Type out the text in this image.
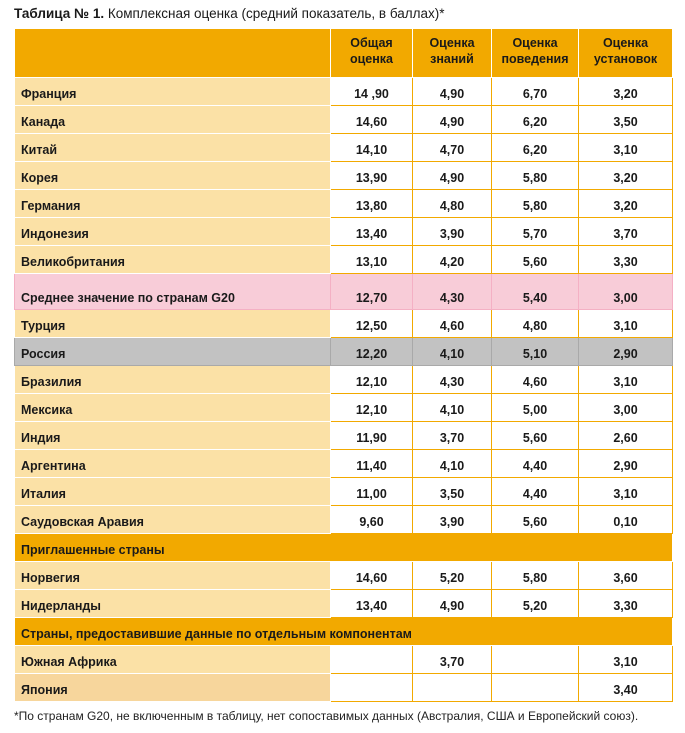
Таблица № 1. Комплексная оценка (средний показатель, в баллах)*
	Общая оценка	Оценка знаний	Оценка поведения	Оценка установок
Франция	14 ,90	4,90	6,70	3,20
Канада	14,60	4,90	6,20	3,50
Китай	14,10	4,70	6,20	3,10
Корея	13,90	4,90	5,80	3,20
Германия	13,80	4,80	5,80	3,20
Индонезия	13,40	3,90	5,70	3,70
Великобритания	13,10	4,20	5,60	3,30
Среднее значение по странам G20	12,70	4,30	5,40	3,00
Турция	12,50	4,60	4,80	3,10
Россия	12,20	4,10	5,10	2,90
Бразилия	12,10	4,30	4,60	3,10
Мексика	12,10	4,10	5,00	3,00
Индия	11,90	3,70	5,60	2,60
Аргентина	11,40	4,10	4,40	2,90
Италия	11,00	3,50	4,40	3,10
Саудовская Аравия	9,60	3,90	5,60	0,10
Приглашенные страны				
Норвегия	14,60	5,20	5,80	3,60
Нидерланды	13,40	4,90	5,20	3,30
Страны, предоставившие данные по отдельным компонентам				
Южная Африка		3,70		3,10
Япония				3,40
*По странам G20, не включенным в таблицу, нет сопоставимых данных (Австралия, США и Европейский союз).
